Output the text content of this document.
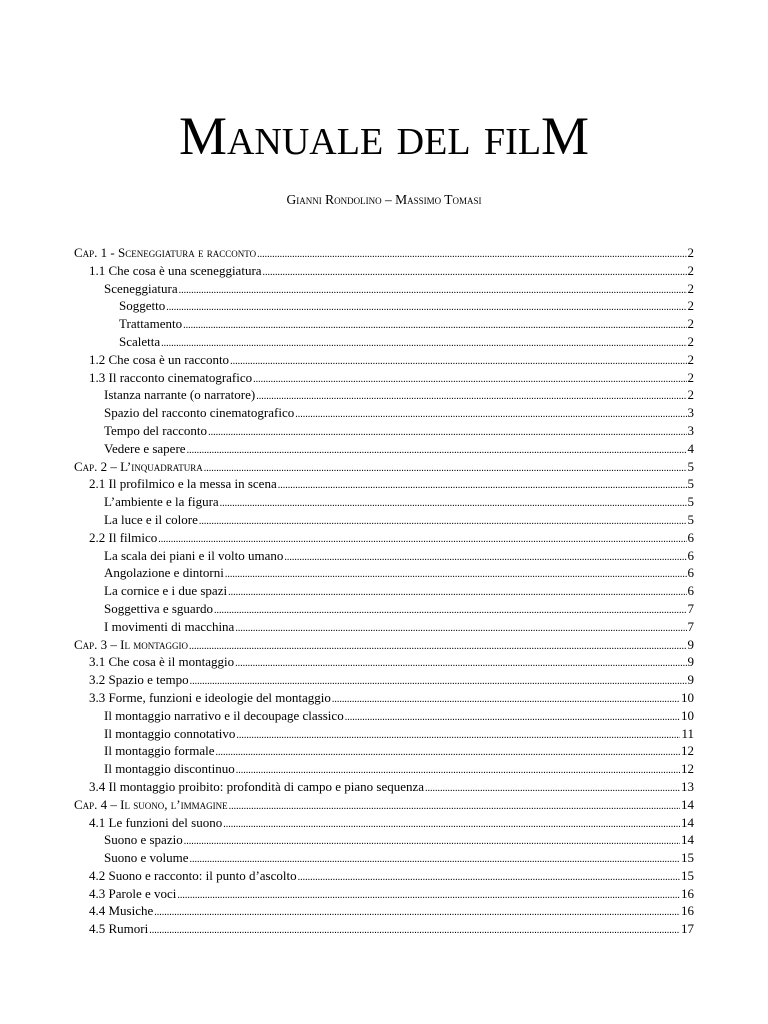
Manuale del filM
Gianni Rondolino – Massimo Tomasi
Cap. 1 - Sceneggiatura e racconto .....	2
1.1 Che cosa è una sceneggiatura .....	2
Sceneggiatura .....	2
Soggetto .....	2
Trattamento .....	2
Scaletta .....	2
1.2 Che cosa è un racconto .....	2
1.3 Il racconto cinematografico .....	2
Istanza narrante (o narratore) .....	2
Spazio del racconto cinematografico .....	3
Tempo del racconto .....	3
Vedere e sapere .....	4
Cap. 2 – L’inquadratura .....	5
2.1 Il profilmico e la messa in scena .....	5
L’ambiente e la figura .....	5
La luce e il colore .....	5
2.2 Il filmico .....	6
La scala dei piani e il volto umano .....	6
Angolazione e dintorni .....	6
La cornice e i due spazi .....	6
Soggettiva e sguardo .....	7
I movimenti di macchina .....	7
Cap. 3 – Il montaggio .....	9
3.1 Che cosa è il montaggio .....	9
3.2 Spazio e tempo .....	9
3.3 Forme, funzioni e ideologie del montaggio .....	10
Il montaggio narrativo e il decoupage classico .....	10
Il montaggio connotativo .....	11
Il montaggio formale .....	12
Il montaggio discontinuo .....	12
3.4 Il montaggio proibito: profondità di campo e piano sequenza .....	13
Cap. 4 – Il suono, l’immagine .....	14
4.1 Le funzioni del suono .....	14
Suono e spazio .....	14
Suono e volume .....	15
4.2 Suono e racconto: il punto d’ascolto .....	15
4.3 Parole e voci .....	16
4.4 Musiche .....	16
4.5 Rumori .....	17
